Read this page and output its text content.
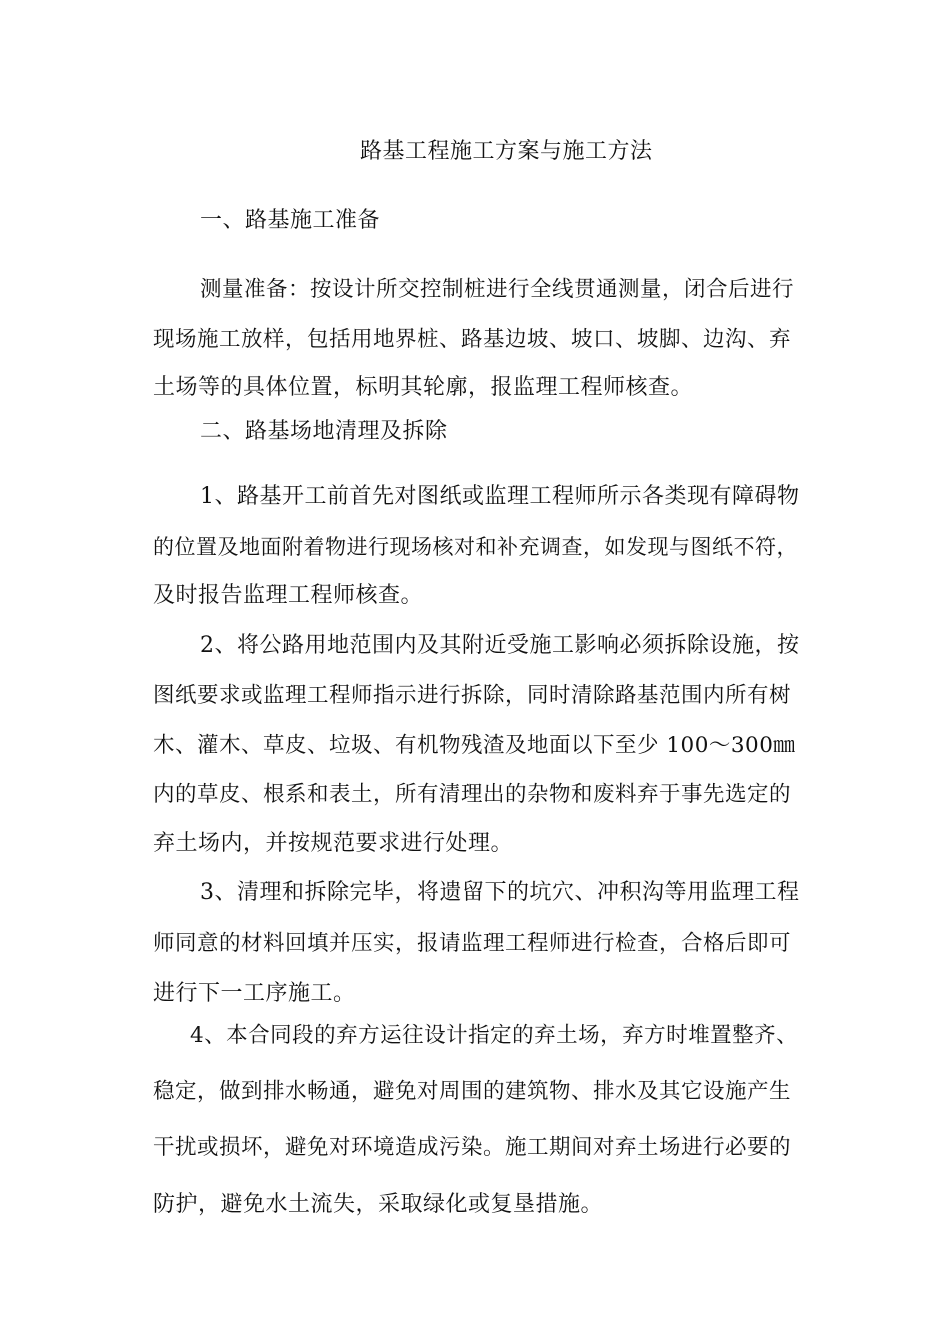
路基工程施工方案与施工方法
一、路基施工准备
测量准备：按设计所交控制桩进行全线贯通测量，闭合后进行
现场施工放样，包括用地界桩、路基边坡、坡口、坡脚、边沟、弃
土场等的具体位置，标明其轮廓，报监理工程师核查。
二、路基场地清理及拆除
1、路基开工前首先对图纸或监理工程师所示各类现有障碍物
的位置及地面附着物进行现场核对和补充调查，如发现与图纸不符，
及时报告监理工程师核查。
2、将公路用地范围内及其附近受施工影响必须拆除设施，按
图纸要求或监理工程师指示进行拆除，同时清除路基范围内所有树
木、灌木、草皮、垃圾、有机物残渣及地面以下至少 100～300㎜
内的草皮、根系和表土，所有清理出的杂物和废料弃于事先选定的
弃土场内，并按规范要求进行处理。
3、清理和拆除完毕，将遗留下的坑穴、冲积沟等用监理工程
师同意的材料回填并压实，报请监理工程师进行检查，合格后即可
进行下一工序施工。
4、本合同段的弃方运往设计指定的弃土场，弃方时堆置整齐、
稳定，做到排水畅通，避免对周围的建筑物、排水及其它设施产生
干扰或损坏，避免对环境造成污染。施工期间对弃土场进行必要的
防护，避免水土流失，采取绿化或复垦措施。
